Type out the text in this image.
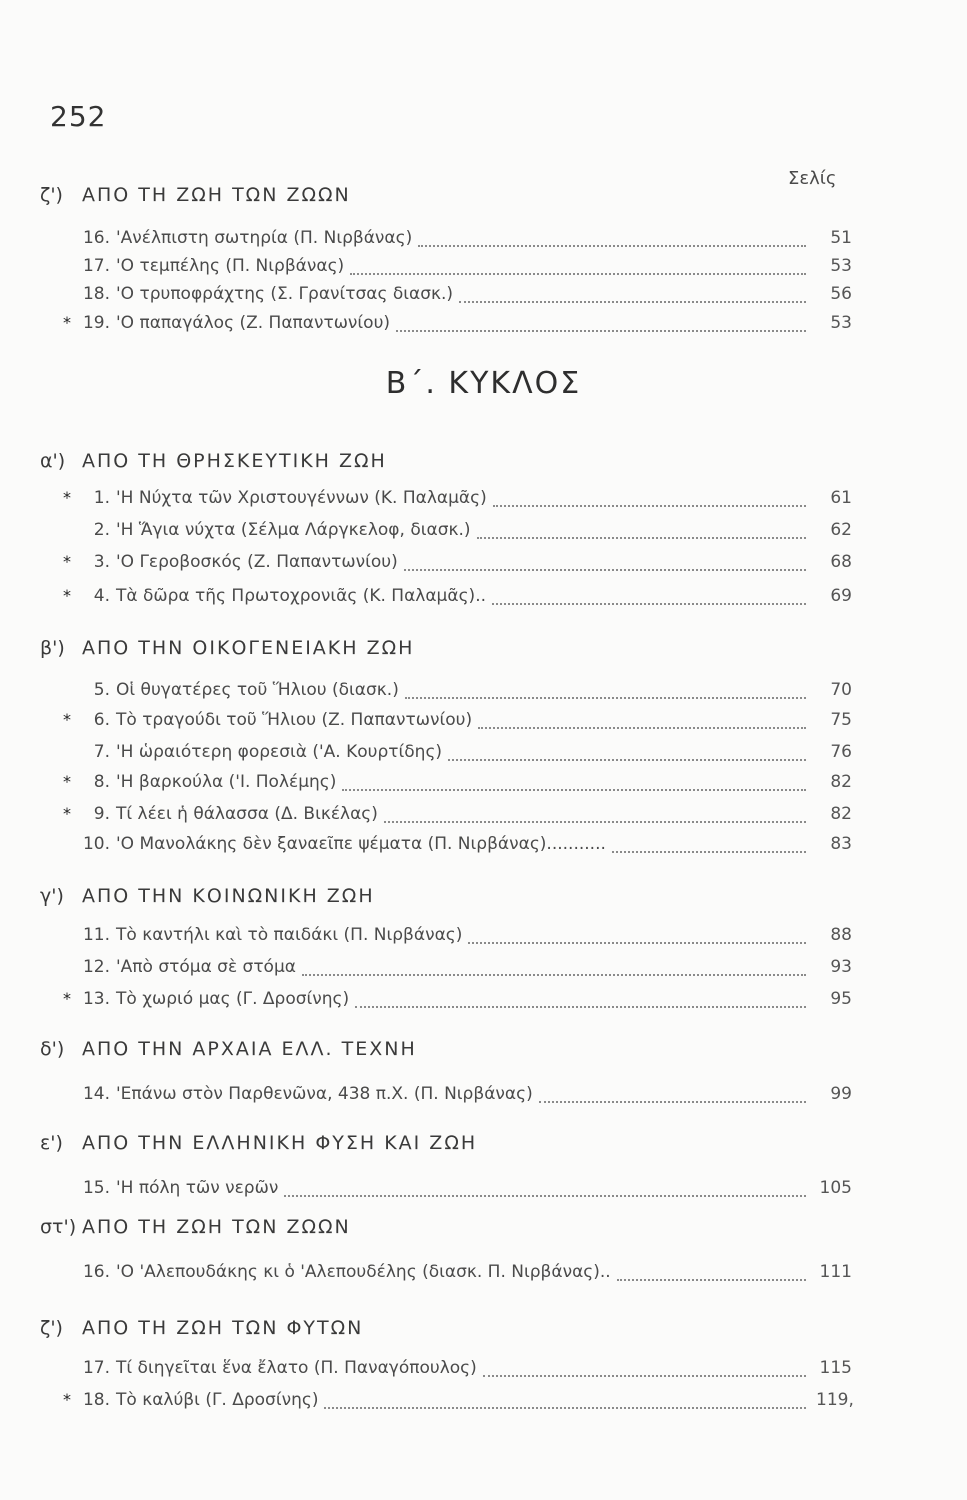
252
Σελίς
ζ') ΑΠΟ ΤΗ ΖΩΗ ΤΩΝ ΖΩΩΝ
Β΄. ΚΥΚΛΟΣ
16. 'Ανέλπιστη σωτηρία (Π. Νιρβάνας)	51
17. 'Ο τεμπέλης (Π. Νιρβάνας)	53
18. 'Ο τρυποφράχτης (Σ. Γρανίτσας διασκ.)	56
* 19. 'Ο παπαγάλος (Ζ. Παπαντωνίου)	53
α') ΑΠΟ ΤΗ ΘΡΗΣΚΕΥΤΙΚΗ ΖΩΗ
*	1. 'Η Νύχτα τῶν Χριστουγέννων (Κ. Παλαμᾶς)	61
2. 'Η Ἅγια νύχτα (Σέλμα Λάργκελοφ, διασκ.)	62
*	3. 'Ο Γεροβοσκός (Ζ. Παπαντωνίου)	68
*	4. Τὰ δῶρα τῆς Πρωτοχρονιᾶς (Κ. Παλαμᾶς)..	69
β') ΑΠΟ ΤΗΝ ΟΙΚΟΓΕΝΕΙΑΚΗ ΖΩΗ
5. Οἱ θυγατέρες τοῦ Ἥλιου (διασκ.)	70
*	6. Τὸ τραγούδι τοῦ Ἥλιου (Ζ. Παπαντωνίου)	75
7. 'Η ὡραιότερη φορεσιὰ ('Α. Κουρτίδης)	76
*	8. 'Η βαρκούλα ('Ι. Πολέμης)	82
*	9. Τί λέει ἡ θάλασσα (Δ. Βικέλας)	82
10. 'Ο Μανολάκης δὲν ξαναεῖπε ψέματα (Π. Νιρβάνας)...........	83
γ') ΑΠΟ ΤΗΝ ΚΟΙΝΩΝΙΚΗ ΖΩΗ
11. Τὸ καντήλι καὶ τὸ παιδάκι (Π. Νιρβάνας)	88
12. 'Απὸ στόμα σὲ στόμα	93
* 13. Τὸ χωριό μας (Γ. Δροσίνης)	95
δ') ΑΠΟ ΤΗΝ ΑΡΧΑΙΑ ΕΛΛ. ΤΕΧΝΗ
14. 'Επάνω στὸν Παρθενῶνα, 438 π.Χ. (Π. Νιρβάνας)	99
ε') ΑΠΟ ΤΗΝ ΕΛΛΗΝΙΚΗ ΦΥΣΗ ΚΑΙ ΖΩΗ
15. 'Η πόλη τῶν νερῶν	105
στ') ΑΠΟ ΤΗ ΖΩΗ ΤΩΝ ΖΩΩΝ
16. 'Ο 'Αλεπουδάκης κι ὁ 'Αλεπουδέλης (διασκ. Π. Νιρβάνας)..	111
ζ') ΑΠΟ ΤΗ ΖΩΗ ΤΩΝ ΦΥΤΩΝ
17. Τί διηγεῖται ἕνα ἔλατο (Π. Παναγόπουλος)	115
* 18. Τὸ καλύβι (Γ. Δροσίνης)	119,
